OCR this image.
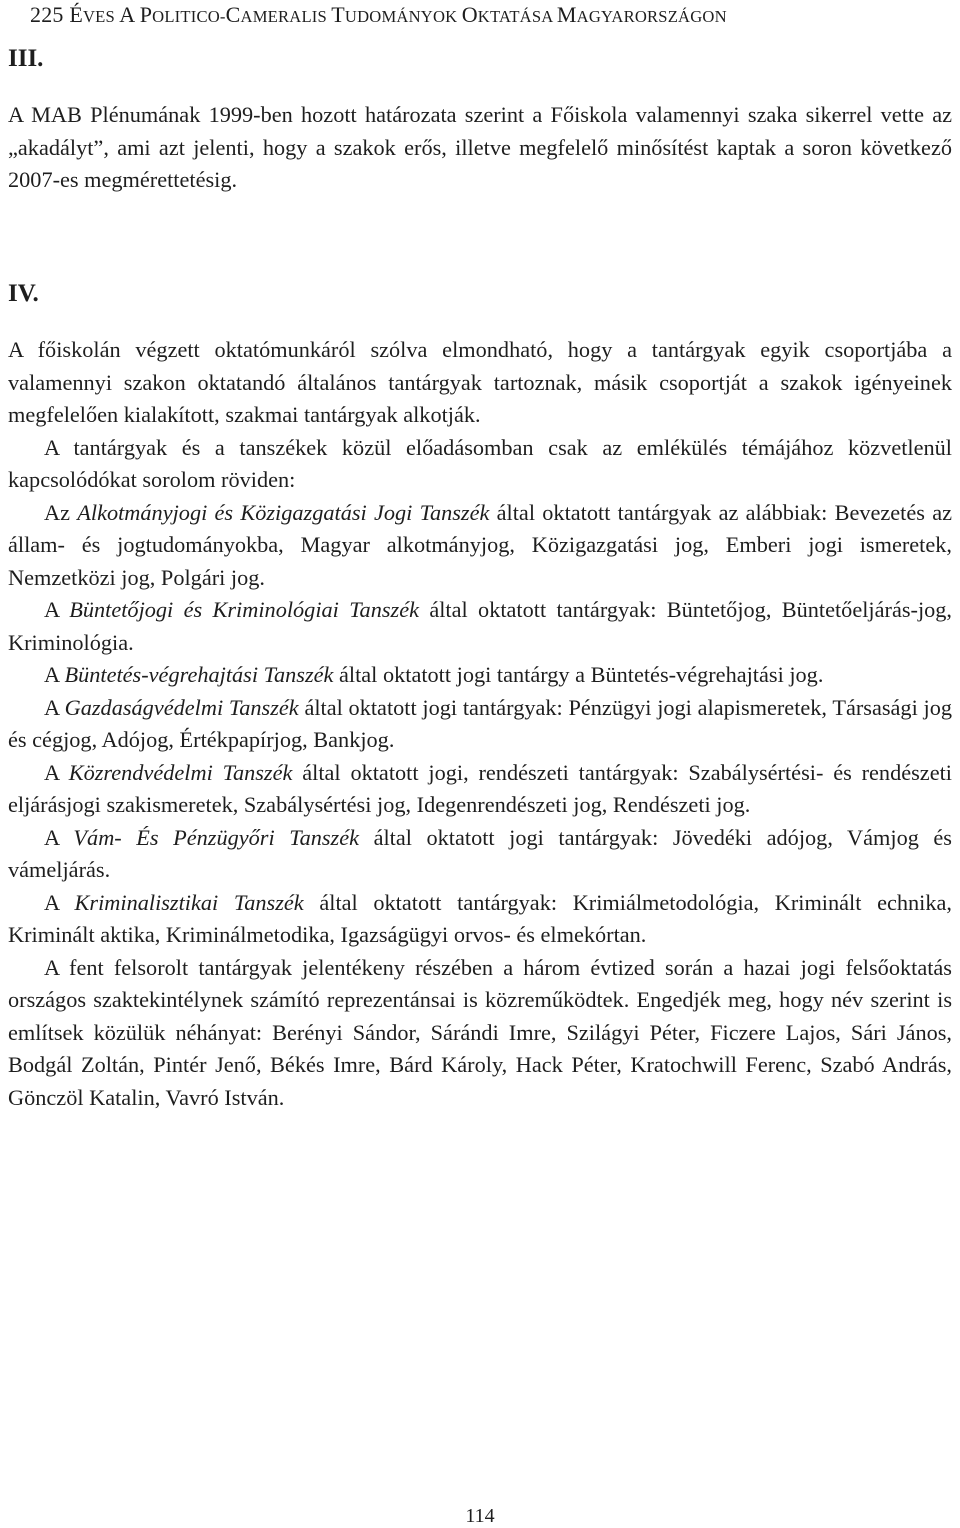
225 ÉVES A POLITICO-CAMERALIS TUDOMÁNYOK OKTATÁSA MAGYARORSZÁGON
III.

A MAB Plénumának 1999-ben hozott határozata szerint a Főiskola valamennyi szaka sikerrel vette az „akadályt”, ami azt jelenti, hogy a szakok erős, illetve megfelelő minősítést kaptak a soron következő 2007-es megmérettetésig.

IV.

A főiskolán végzett oktatómunkáról szólva elmondható, hogy a tantárgyak egyik csoportjába a valamennyi szakon oktatandó általános tantárgyak tartoznak, másik csoportját a szakok igényeinek megfelelően kialakított, szakmai tantárgyak alkotják.

A tantárgyak és a tanszékek közül előadásomban csak az emlékülés témájához közvetlenül kapcsolódókat sorolom röviden:

Az Alkotmányjogi és Közigazgatási Jogi Tanszék által oktatott tantárgyak az alábbiak: Bevezetés az állam- és jogtudományokba, Magyar alkotmányjog, Közigazgatási jog, Emberi jogi ismeretek, Nemzetközi jog, Polgári jog.

A Büntetőjogi és Kriminológiai Tanszék által oktatott tantárgyak: Büntetőjog, Büntetőeljárás-jog, Kriminológia.

A Büntetés-végrehajtási Tanszék által oktatott jogi tantárgy a Büntetés-végrehajtási jog.

A Gazdaságvédelmi Tanszék által oktatott jogi tantárgyak: Pénzügyi jogi alapismeretek, Társasági jog és cégjog, Adójog, Értékpapírjog, Bankjog.

A Közrendvédelmi Tanszék által oktatott jogi, rendészeti tantárgyak: Szabálysértési- és rendészeti eljárásjogi szakismeretek, Szabálysértési jog, Idegenrendészeti jog, Rendészeti jog.

A Vám- És Pénzügyőri Tanszék által oktatott jogi tantárgyak: Jövedéki adójog, Vámjog és vámeljárás.

A Kriminalisztikai Tanszék által oktatott tantárgyak: Krimiálmetodológia, Kriminált echnika, Kriminált aktika, Kriminálmetodika, Igazságügyi orvos- és elmekórtan.

A fent felsorolt tantárgyak jelentékeny részében a három évtized során a hazai jogi felsőoktatás országos szaktekintélynek számító reprezentánsai is közreműködtek. Engedjék meg, hogy név szerint is említsek közülük néhányat: Berényi Sándor, Sárándi Imre, Szilágyi Péter, Ficzere Lajos, Sári János, Bodgál Zoltán, Pintér Jenő, Békés Imre, Bárd Károly, Hack Péter, Kratochwill Ferenc, Szabó András, Gönczöl Katalin, Vavró István.

114
